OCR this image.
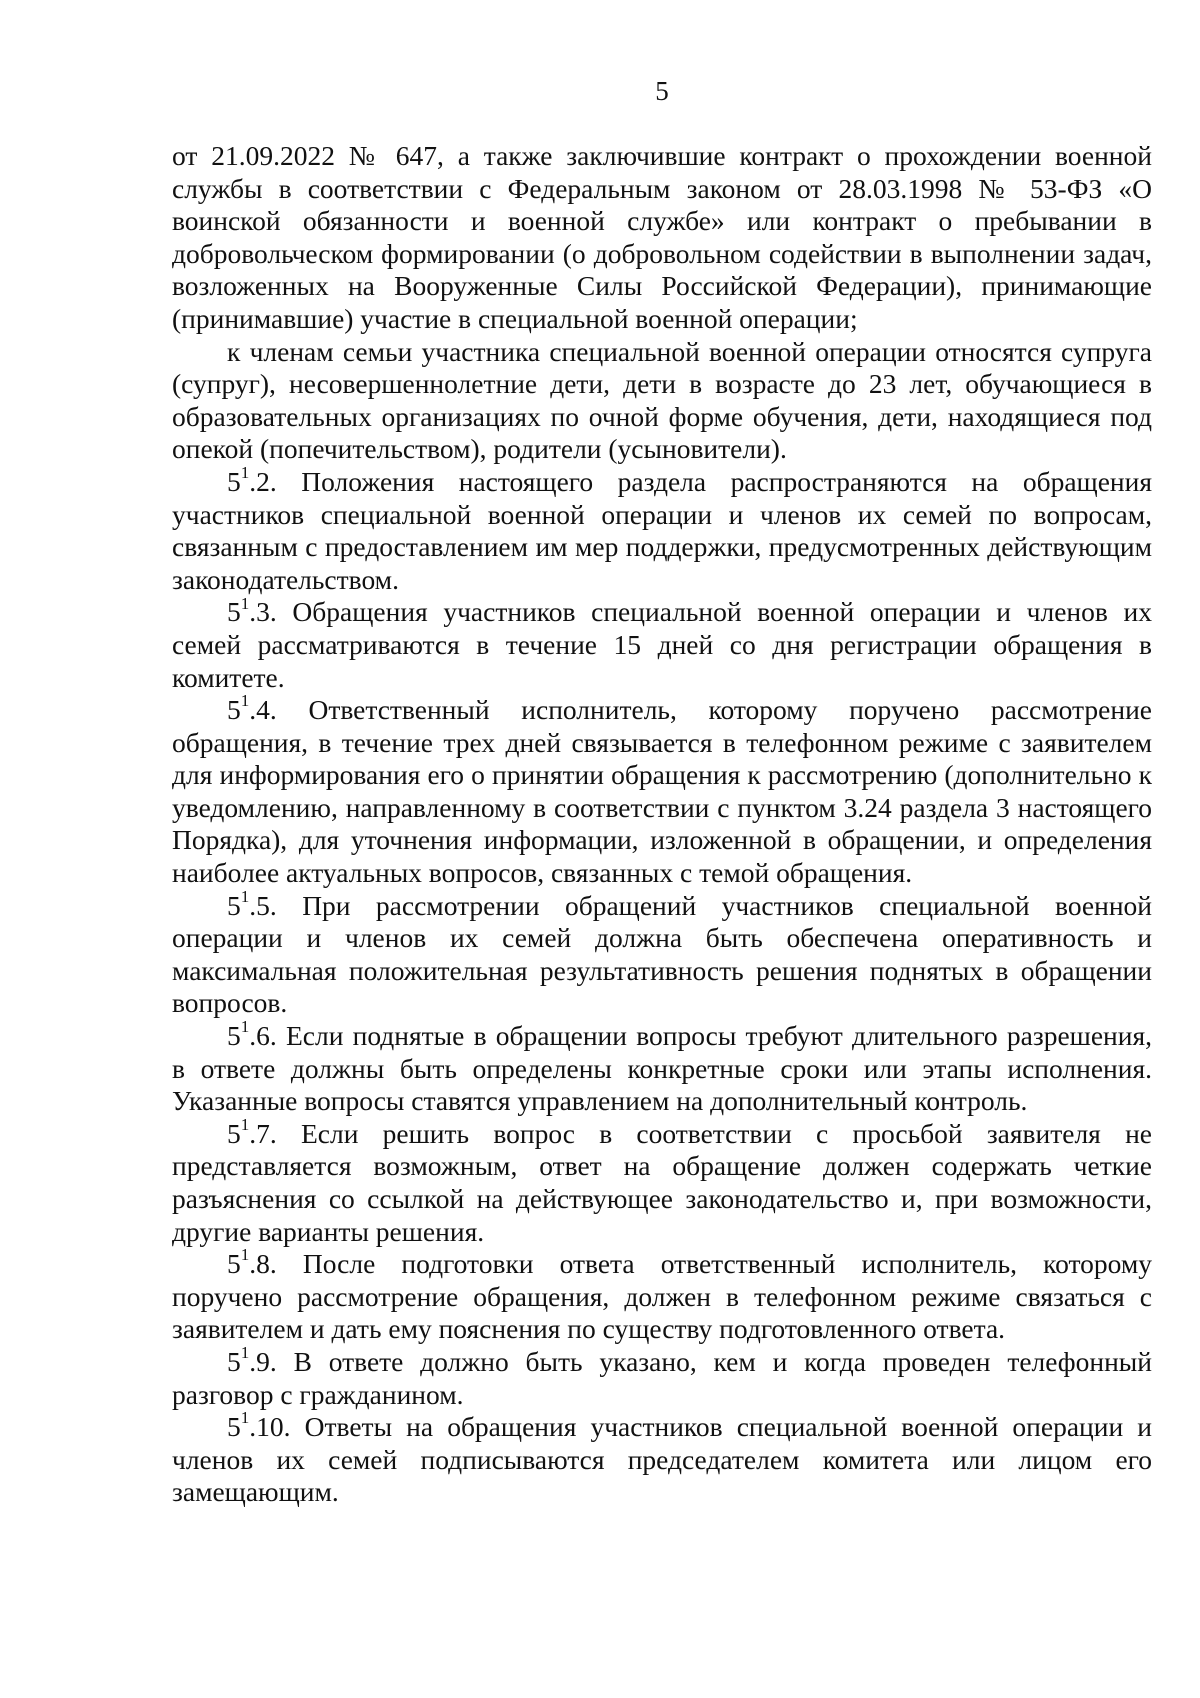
5

от 21.09.2022 № 647, а также заключившие контракт о прохождении военной службы в соответствии с Федеральным законом от 28.03.1998 № 53-ФЗ «О воинской обязанности и военной службе» или контракт о пребывании в добровольческом формировании (о добровольном содействии в выполнении задач, возложенных на Вооруженные Силы Российской Федерации), принимающие (принимавшие) участие в специальной военной операции;

к членам семьи участника специальной военной операции относятся супруга (супруг), несовершеннолетние дети, дети в возрасте до 23 лет, обучающиеся в образовательных организациях по очной форме обучения, дети, находящиеся под опекой (попечительством), родители (усыновители).

$5^1.2$. Положения настоящего раздела распространяются на обращения участников специальной военной операции и членов их семей по вопросам, связанным с предоставлением им мер поддержки, предусмотренных действующим законодательством.

$5^1.3$. Обращения участников специальной военной операции и членов их семей рассматриваются в течение 15 дней со дня регистрации обращения в комитете.

$5^1.4$. Ответственный исполнитель, которому поручено рассмотрение обращения, в течение трех дней связывается в телефонном режиме с заявителем для информирования его о принятии обращения к рассмотрению (дополнительно к уведомлению, направленному в соответствии с пунктом 3.24 раздела 3 настоящего Порядка), для уточнения информации, изложенной в обращении, и определения наиболее актуальных вопросов, связанных с темой обращения.

$5^1.5$. При рассмотрении обращений участников специальной военной операции и членов их семей должна быть обеспечена оперативность и максимальная положительная результативность решения поднятых в обращении вопросов.

$5^1.6$. Если поднятые в обращении вопросы требуют длительного разрешения, в ответе должны быть определены конкретные сроки или этапы исполнения. Указанные вопросы ставятся управлением на дополнительный контроль.

$5^1.7$. Если решить вопрос в соответствии с просьбой заявителя не представляется возможным, ответ на обращение должен содержать четкие разъяснения со ссылкой на действующее законодательство и, при возможности, другие варианты решения.

$5^1.8$. После подготовки ответа ответственный исполнитель, которому поручено рассмотрение обращения, должен в телефонном режиме связаться с заявителем и дать ему пояснения по существу подготовленного ответа.

$5^1.9$. В ответе должно быть указано, кем и когда проведен телефонный разговор с гражданином.

$5^1.10$. Ответы на обращения участников специальной военной операции и членов их семей подписываются председателем комитета или лицом его замещающим.
